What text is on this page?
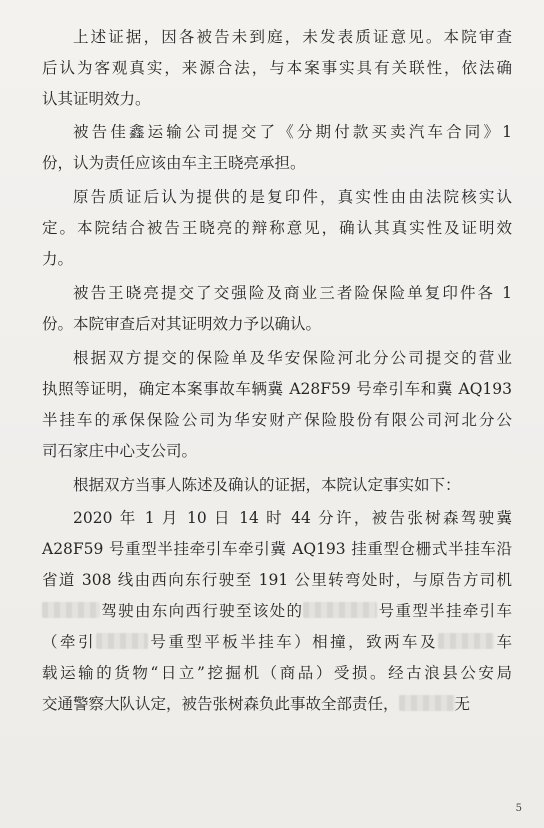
上述证据，因各被告未到庭，未发表质证意见。本院审查
后认为客观真实，来源合法，与本案事实具有关联性，依法确
认其证明效力。

被告佳鑫运输公司提交了《分期付款买卖汽车合同》1
份，认为责任应该由车主王晓亮承担。

原告质证后认为提供的是复印件，真实性由由法院核实认
定。本院结合被告王晓亮的辩称意见，确认其真实性及证明效
力。

被告王晓亮提交了交强险及商业三者险保险单复印件各 1
份。本院审查后对其证明效力予以确认。

根据双方提交的保险单及华安保险河北分公司提交的营业
执照等证明，确定本案事故车辆冀 A28F59 号牵引车和冀 AQ193
半挂车的承保保险公司为华安财产保险股份有限公司河北分公
司石家庄中心支公司。

根据双方当事人陈述及确认的证据，本院认定事实如下：

2020 年 1 月 10 日 14 时 44 分许，被告张树森驾驶冀
A28F59 号重型半挂牵引车牵引冀 AQ193 挂重型仓栅式半挂车沿
省道 308 线由西向东行驶至 191 公里转弯处时，与原告方司机
驾驶由东向西行驶至该处的	号重型半挂牵引车
（牵引	号重型平板半挂车）相撞，致两车及	车
载运输的货物“日立”挖掘机（商品）受损。经古浪县公安局
交通警察大队认定，被告张树森负此事故全部责任，	无

5
